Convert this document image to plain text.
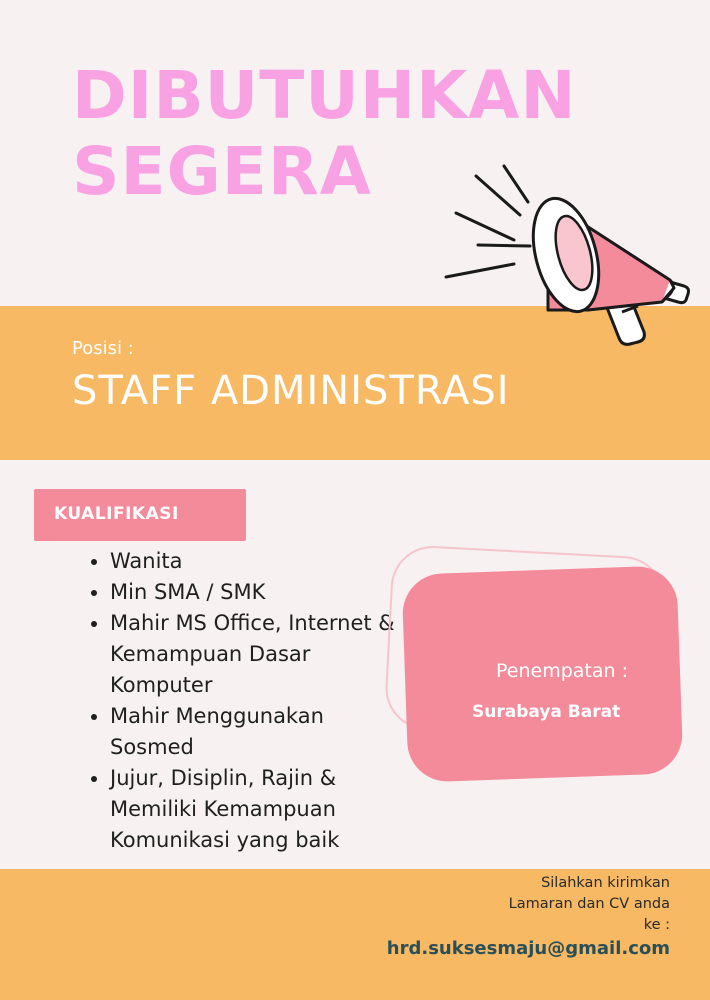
DIBUTUHKAN
SEGERA
Posisi :
STAFF ADMINISTRASI
KUALIFIKASI
• Wanita
• Min SMA / SMK
• Mahir MS Office, Internet & Kemampuan Dasar Komputer
• Mahir Menggunakan Sosmed
• Jujur, Disiplin, Rajin & Memiliki Kemampuan Komunikasi yang baik
Penempatan :
Surabaya Barat
Silahkan kirimkan
Lamaran dan CV anda
ke :
hrd.suksesmaju@gmail.com
